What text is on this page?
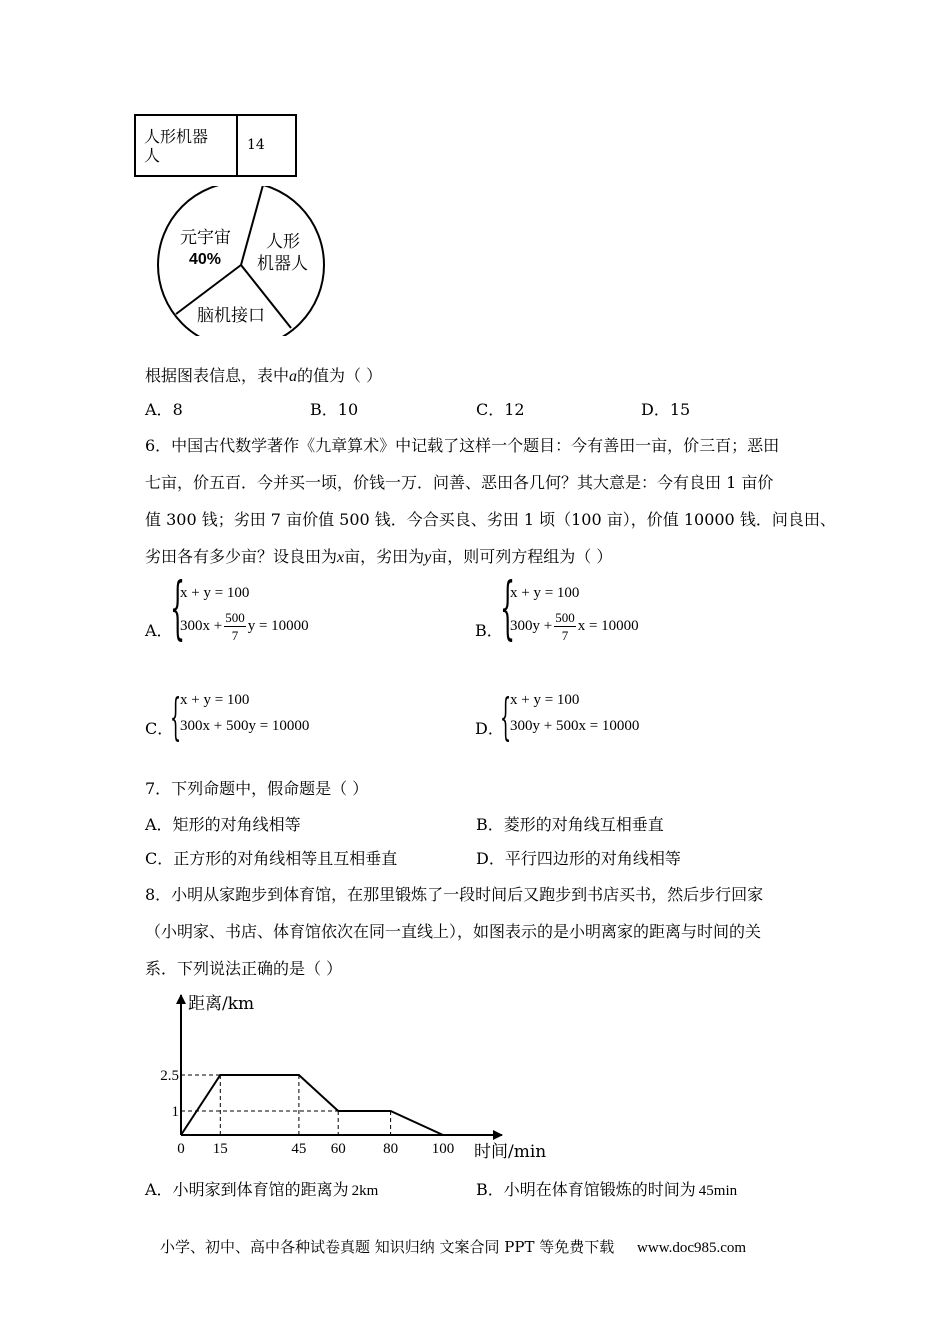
人形机器
人
	14
元宇宙
40%
人形
机器人
脑机接口
根据图表信息，表中a的值为（ ）
A．8	B．10	C．12	D．15
6．中国古代数学著作《九章算术》中记载了这样一个题目：今有善田一亩，价三百；恶田
七亩，价五百．今并买一顷，价钱一万．问善、恶田各几何？其大意是：今有良田 1 亩价
值 300 钱；劣田 7 亩价值 500 钱．今合买良、劣田 1 顷（100 亩），价值 10000 钱．问良田、
劣田各有多少亩？设良田为x亩，劣田为y亩，则可列方程组为（ ）
A．
{
x + y = 100
$300x + \frac{500}{7}$ y = 10000	B．
{
x + y = 100
$300y + \frac{500}{7}$ x = 10000
C．
{
x + y = 100
300x + 500y = 10000	D．
{
x + y = 100
300y + 500x = 10000
7．下列命题中，假命题是（ ）
A．矩形的对角线相等	B．菱形的对角线互相垂直
C．正方形的对角线相等且互相垂直	D．平行四边形的对角线相等
8．小明从家跑步到体育馆，在那里锻炼了一段时间后又跑步到书店买书，然后步行回家
（小明家、书店、体育馆依次在同一直线上），如图表示的是小明离家的距离与时间的关
系．下列说法正确的是（ ）
0 15	45 60 80 100
2.5
1
距离/km
时间/min
A．小明家到体育馆的距离为 2km	B．小明在体育馆锻炼的时间为 45min
小学、初中、高中各种试卷真题 知识归纳 文案合同 PPT 等免费下载 www.doc985.com
